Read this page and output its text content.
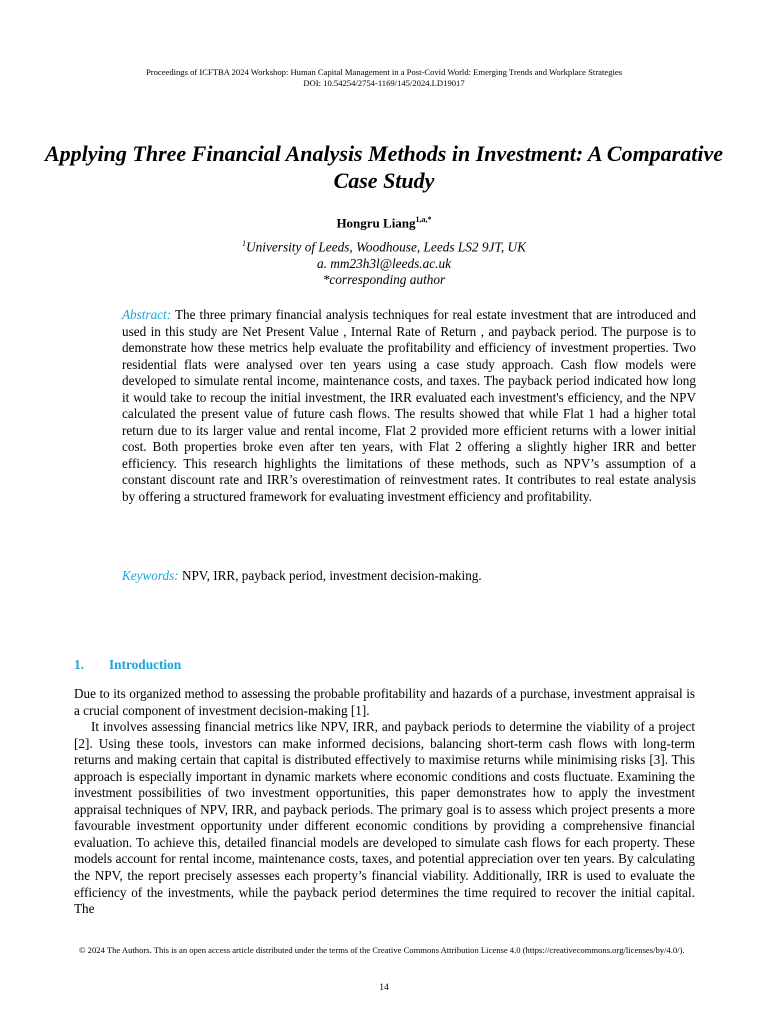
Proceedings of ICFTBA 2024 Workshop: Human Capital Management in a Post-Covid World: Emerging Trends and Workplace Strategies
DOI: 10.54254/2754-1169/145/2024.LD19017
Applying Three Financial Analysis Methods in Investment: A Comparative Case Study
Hongru Liang$^{1,a,*}$
$^1$University of Leeds, Woodhouse, Leeds LS2 9JT, UK
a. mm23h3l@leeds.ac.uk
*corresponding author
Abstract: The three primary financial analysis techniques for real estate investment that are introduced and used in this study are Net Present Value , Internal Rate of Return , and payback period. The purpose is to demonstrate how these metrics help evaluate the profitability and efficiency of investment properties. Two residential flats were analysed over ten years using a case study approach. Cash flow models were developed to simulate rental income, maintenance costs, and taxes. The payback period indicated how long it would take to recoup the initial investment, the IRR evaluated each investment's efficiency, and the NPV calculated the present value of future cash flows. The results showed that while Flat 1 had a higher total return due to its larger value and rental income, Flat 2 provided more efficient returns with a lower initial cost. Both properties broke even after ten years, with Flat 2 offering a slightly higher IRR and better efficiency. This research highlights the limitations of these methods, such as NPV’s assumption of a constant discount rate and IRR’s overestimation of reinvestment rates. It contributes to real estate analysis by offering a structured framework for evaluating investment efficiency and profitability.
Keywords: NPV, IRR, payback period, investment decision-making.
1. Introduction

Due to its organized method to assessing the probable profitability and hazards of a purchase, investment appraisal is a crucial component of investment decision-making [1].

It involves assessing financial metrics like NPV, IRR, and payback periods to determine the viability of a project [2]. Using these tools, investors can make informed decisions, balancing short-term cash flows with long-term returns and making certain that capital is distributed effectively to maximise returns while minimising risks [3]. This approach is especially important in dynamic markets where economic conditions and costs fluctuate. Examining the investment possibilities of two investment opportunities, this paper demonstrates how to apply the investment appraisal techniques of NPV, IRR, and payback periods. The primary goal is to assess which project presents a more favourable investment opportunity under different economic conditions by providing a comprehensive financial evaluation. To achieve this, detailed financial models are developed to simulate cash flows for each property. These models account for rental income, maintenance costs, taxes, and potential appreciation over ten years. By calculating the NPV, the report precisely assesses each property’s financial viability. Additionally, IRR is used to evaluate the efficiency of the investments, while the payback period determines the time required to recover the initial capital. The

© 2024 The Authors. This is an open access article distributed under the terms of the Creative Commons Attribution License 4.0 (https://creativecommons.org/licenses/by/4.0/).
14
